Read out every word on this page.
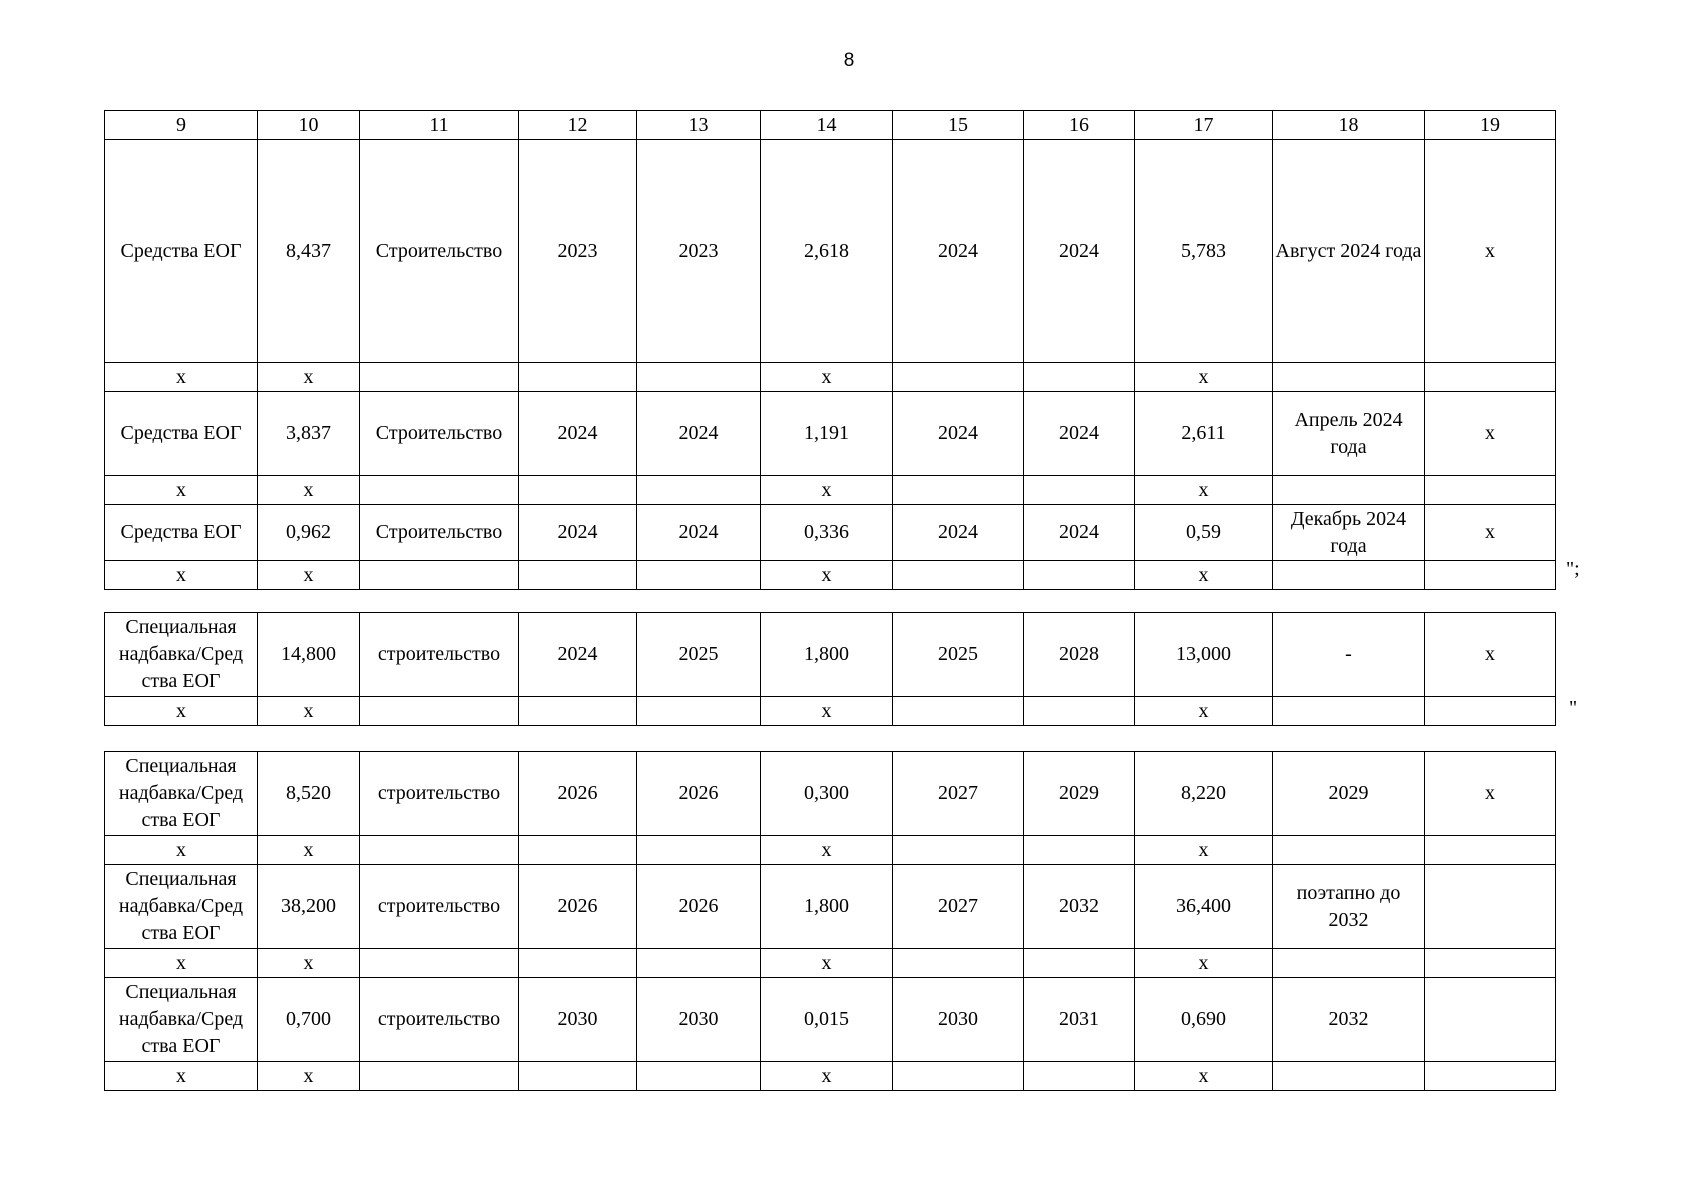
8
9	10	11	12	13	14	15	16	17	18	19
Средства ЕОГ	8,437	Строительство	2023	2023	2,618	2024	2024	5,783	Август 2024 года	x
x	x				x			x		
Средства ЕОГ	3,837	Строительство	2024	2024	1,191	2024	2024	2,611	Апрель 2024 года	x
x	x				x			x		
Средства ЕОГ	0,962	Строительство	2024	2024	0,336	2024	2024	0,59	Декабрь 2024 года	x
x	x				x			x			";
Специальная надбавка/Сред ства ЕОГ	14,800	строительство	2024	2025	1,800	2025	2028	13,000	-	x
x	x				x			x			"
Специальная надбавка/Сред ства ЕОГ	8,520	строительство	2026	2026	0,300	2027	2029	8,220	2029	x
x	x				x			x		
Специальная надбавка/Сред ства ЕОГ	38,200	строительство	2026	2026	1,800	2027	2032	36,400	поэтапно до 2032	
x	x				x			x		
Специальная надбавка/Сред ства ЕОГ	0,700	строительство	2030	2030	0,015	2030	2031	0,690	2032	
x	x				x			x		
